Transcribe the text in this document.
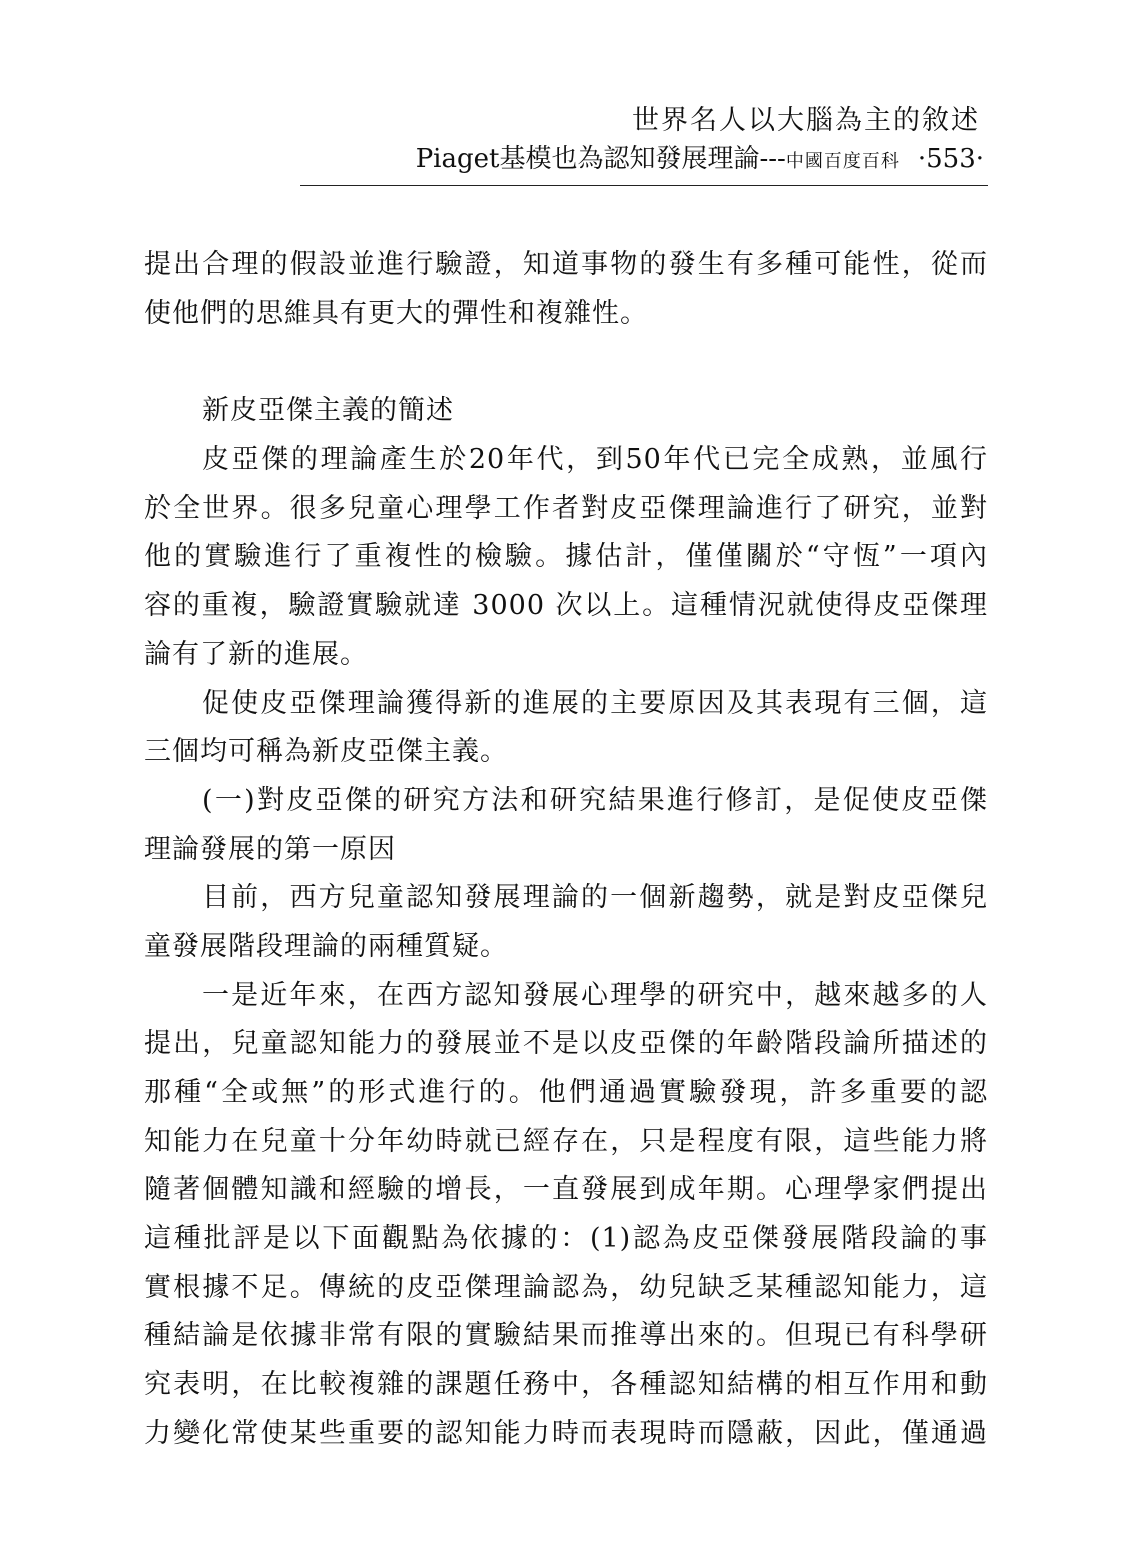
世界名人以大腦為主的敘述
Piaget基模也為認知發展理論--- 中國百度百科 ·553·
提出合理的假設並進行驗證，知道事物的發生有多種可能性，從而
使他們的思維具有更大的彈性和複雜性。
新皮亞傑主義的簡述
皮亞傑的理論產生於20年代，到50年代已完全成熟，並風行
於全世界。很多兒童心理學工作者對皮亞傑理論進行了研究，並對
他的實驗進行了重複性的檢驗。據估計，僅僅關於“守恆”一項內
容的重複，驗證實驗就達 3000 次以上。這種情況就使得皮亞傑理
論有了新的進展。
促使皮亞傑理論獲得新的進展的主要原因及其表現有三個，這
三個均可稱為新皮亞傑主義。
(一)對皮亞傑的研究方法和研究結果進行修訂，是促使皮亞傑
理論發展的第一原因
目前，西方兒童認知發展理論的一個新趨勢，就是對皮亞傑兒
童發展階段理論的兩種質疑。
一是近年來，在西方認知發展心理學的研究中，越來越多的人
提出，兒童認知能力的發展並不是以皮亞傑的年齡階段論所描述的
那種“全或無”的形式進行的。他們通過實驗發現，許多重要的認
知能力在兒童十分年幼時就已經存在，只是程度有限，這些能力將
隨著個體知識和經驗的增長，一直發展到成年期。心理學家們提出
這種批評是以下面觀點為依據的：(1)認為皮亞傑發展階段論的事
實根據不足。傳統的皮亞傑理論認為，幼兒缺乏某種認知能力，這
種結論是依據非常有限的實驗結果而推導出來的。但現已有科學研
究表明，在比較複雜的課題任務中，各種認知結構的相互作用和動
力變化常使某些重要的認知能力時而表現時而隱蔽，因此，僅通過
